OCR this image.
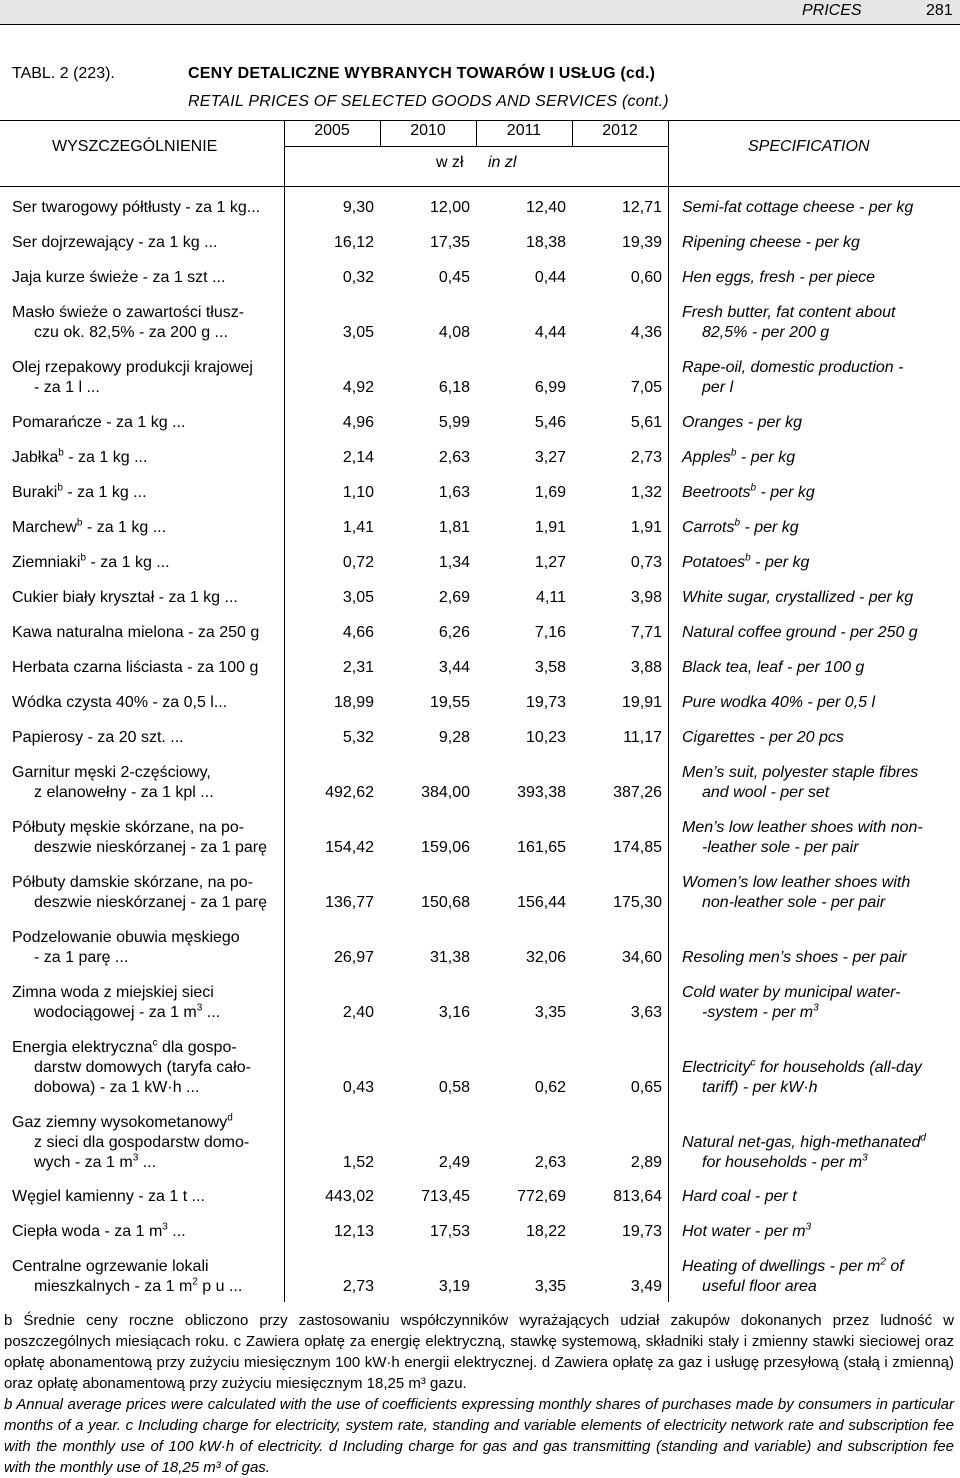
PRICES	281
TABL. 2 (223).	CENY DETALICZNE WYBRANYCH TOWARÓW I USŁUG (cd.)
RETAIL PRICES OF SELECTED GOODS AND SERVICES (cont.)
WYSZCZEGÓLNIENIE	SPECIFICATION
2005	2010	2011	2012
w zł in zl
Ser twarogowy półtłusty - za 1 kg...	9,30	12,00	12,40	12,71 Semi-fat cottage cheese - per kg
Ser dojrzewający - za 1 kg ...	16,12	17,35	18,38	19,39 Ripening cheese - per kg
Jaja kurze świeże - za 1 szt ...	0,32	0,45	0,44	0,60 Hen eggs, fresh - per piece
Masło świeże o zawartości tłusz-
czu ok. 82,5% - za 200 g ...	3,05	4,08	4,44	4,36
Fresh butter, fat content about
82,5% - per 200 g
Olej rzepakowy produkcji krajowej
- za 1 l ...	4,92	6,18	6,99	7,05
Rape-oil, domestic production -
per l
Pomarańcze - za 1 kg ...	4,96	5,99	5,46	5,61 Oranges - per kg
Jabłka$^b$ - za 1 kg ...	2,14	2,63	3,27	2,73 Apples$^b$ - per kg
Buraki$^b$ - za 1 kg ...	1,10	1,63	1,69	1,32 Beetroots$^b$ - per kg
Marchew$^b$ - za 1 kg ...	1,41	1,81	1,91	1,91 Carrots$^b$ - per kg
Ziemniaki$^b$ - za 1 kg ...	0,72	1,34	1,27	0,73 Potatoes$^b$ - per kg
Cukier biały kryształ - za 1 kg ...	3,05	2,69	4,11	3,98 White sugar, crystallized - per kg
Kawa naturalna mielona - za 250 g	4,66	6,26	7,16	7,71 Natural coffee ground - per 250 g
Herbata czarna liściasta - za 100 g	2,31	3,44	3,58	3,88 Black tea, leaf - per 100 g
Wódka czysta 40% - za 0,5 l...	18,99	19,55	19,73	19,91 Pure wodka 40% - per 0,5 l
Papierosy - za 20 szt. ...	5,32	9,28	10,23	11,17 Cigarettes - per 20 pcs
Garnitur męski 2-częściowy,
z elanowełny - za 1 kpl ...	492,62	384,00	393,38	387,26
Men’s suit, polyester staple fibres
and wool - per set
Półbuty męskie skórzane, na po-
deszwie nieskórzanej - za 1 parę	154,42	159,06	161,65	174,85
Men’s low leather shoes with non-
-leather sole - per pair
Półbuty damskie skórzane, na po-
deszwie nieskórzanej - za 1 parę	136,77	150,68	156,44	175,30
Women’s low leather shoes with
non-leather sole - per pair
Podzelowanie obuwia męskiego
- za 1 parę ...	26,97	31,38	32,06	34,60 Resoling men’s shoes - per pair
Zimna woda z miejskiej sieci
wodociągowej - za 1 $m^3$ ...	2,40	3,16	3,35	3,63
Cold water by municipal water-
-system - per $m^3$
Energia elektryczna$^c$ dla gospo-
darstw domowych (taryfa cało-
dobowa) - za 1 kW·h ...	0,43	0,58	0,62	0,65
Electricity$^c$ for households (all-day
tariff) - per kW·h
Gaz ziemny wysokometanowy$^d$
z sieci dla gospodarstw domo-
wych - za 1 $m^3$ ...	1,52	2,49	2,63	2,89
Natural net-gas, high-methanated$^d$
for households - per $m^3$
Węgiel kamienny - za 1 t ...	443,02	713,45	772,69	813,64 Hard coal - per t
Ciepła woda - za 1 $m^3$ ...	12,13	17,53	18,22	19,73 Hot water - per $m^3$
Centralne ogrzewanie lokali
mieszkalnych - za 1 $m^2$ p u ...	2,73	3,19	3,35	3,49
Heating of dwellings - per $m^2$ of
useful floor area

b Średnie ceny roczne obliczono przy zastosowaniu współczynników wyrażających udział zakupów dokonanych przez ludność w poszczególnych miesiącach roku. c Zawiera opłatę za energię elektryczną, stawkę systemową, składniki stały i zmienny stawki sieciowej oraz opłatę abonamentową przy zużyciu miesięcznym 100 kW·h energii elektrycznej. d Zawiera opłatę za gaz i usługę przesyłową (stałą i zmienną) oraz opłatę abonamentową przy zużyciu miesięcznym 18,25 m³ gazu.

b Annual average prices were calculated with the use of coefficients expressing monthly shares of purchases made by consumers in particular months of a year. c Including charge for electricity, system rate, standing and variable elements of electricity network rate and subscription fee with the monthly use of 100 kW·h of electricity. d Including charge for gas and gas transmitting (standing and variable) and subscription fee with the monthly use of 18,25 m³ of gas.
